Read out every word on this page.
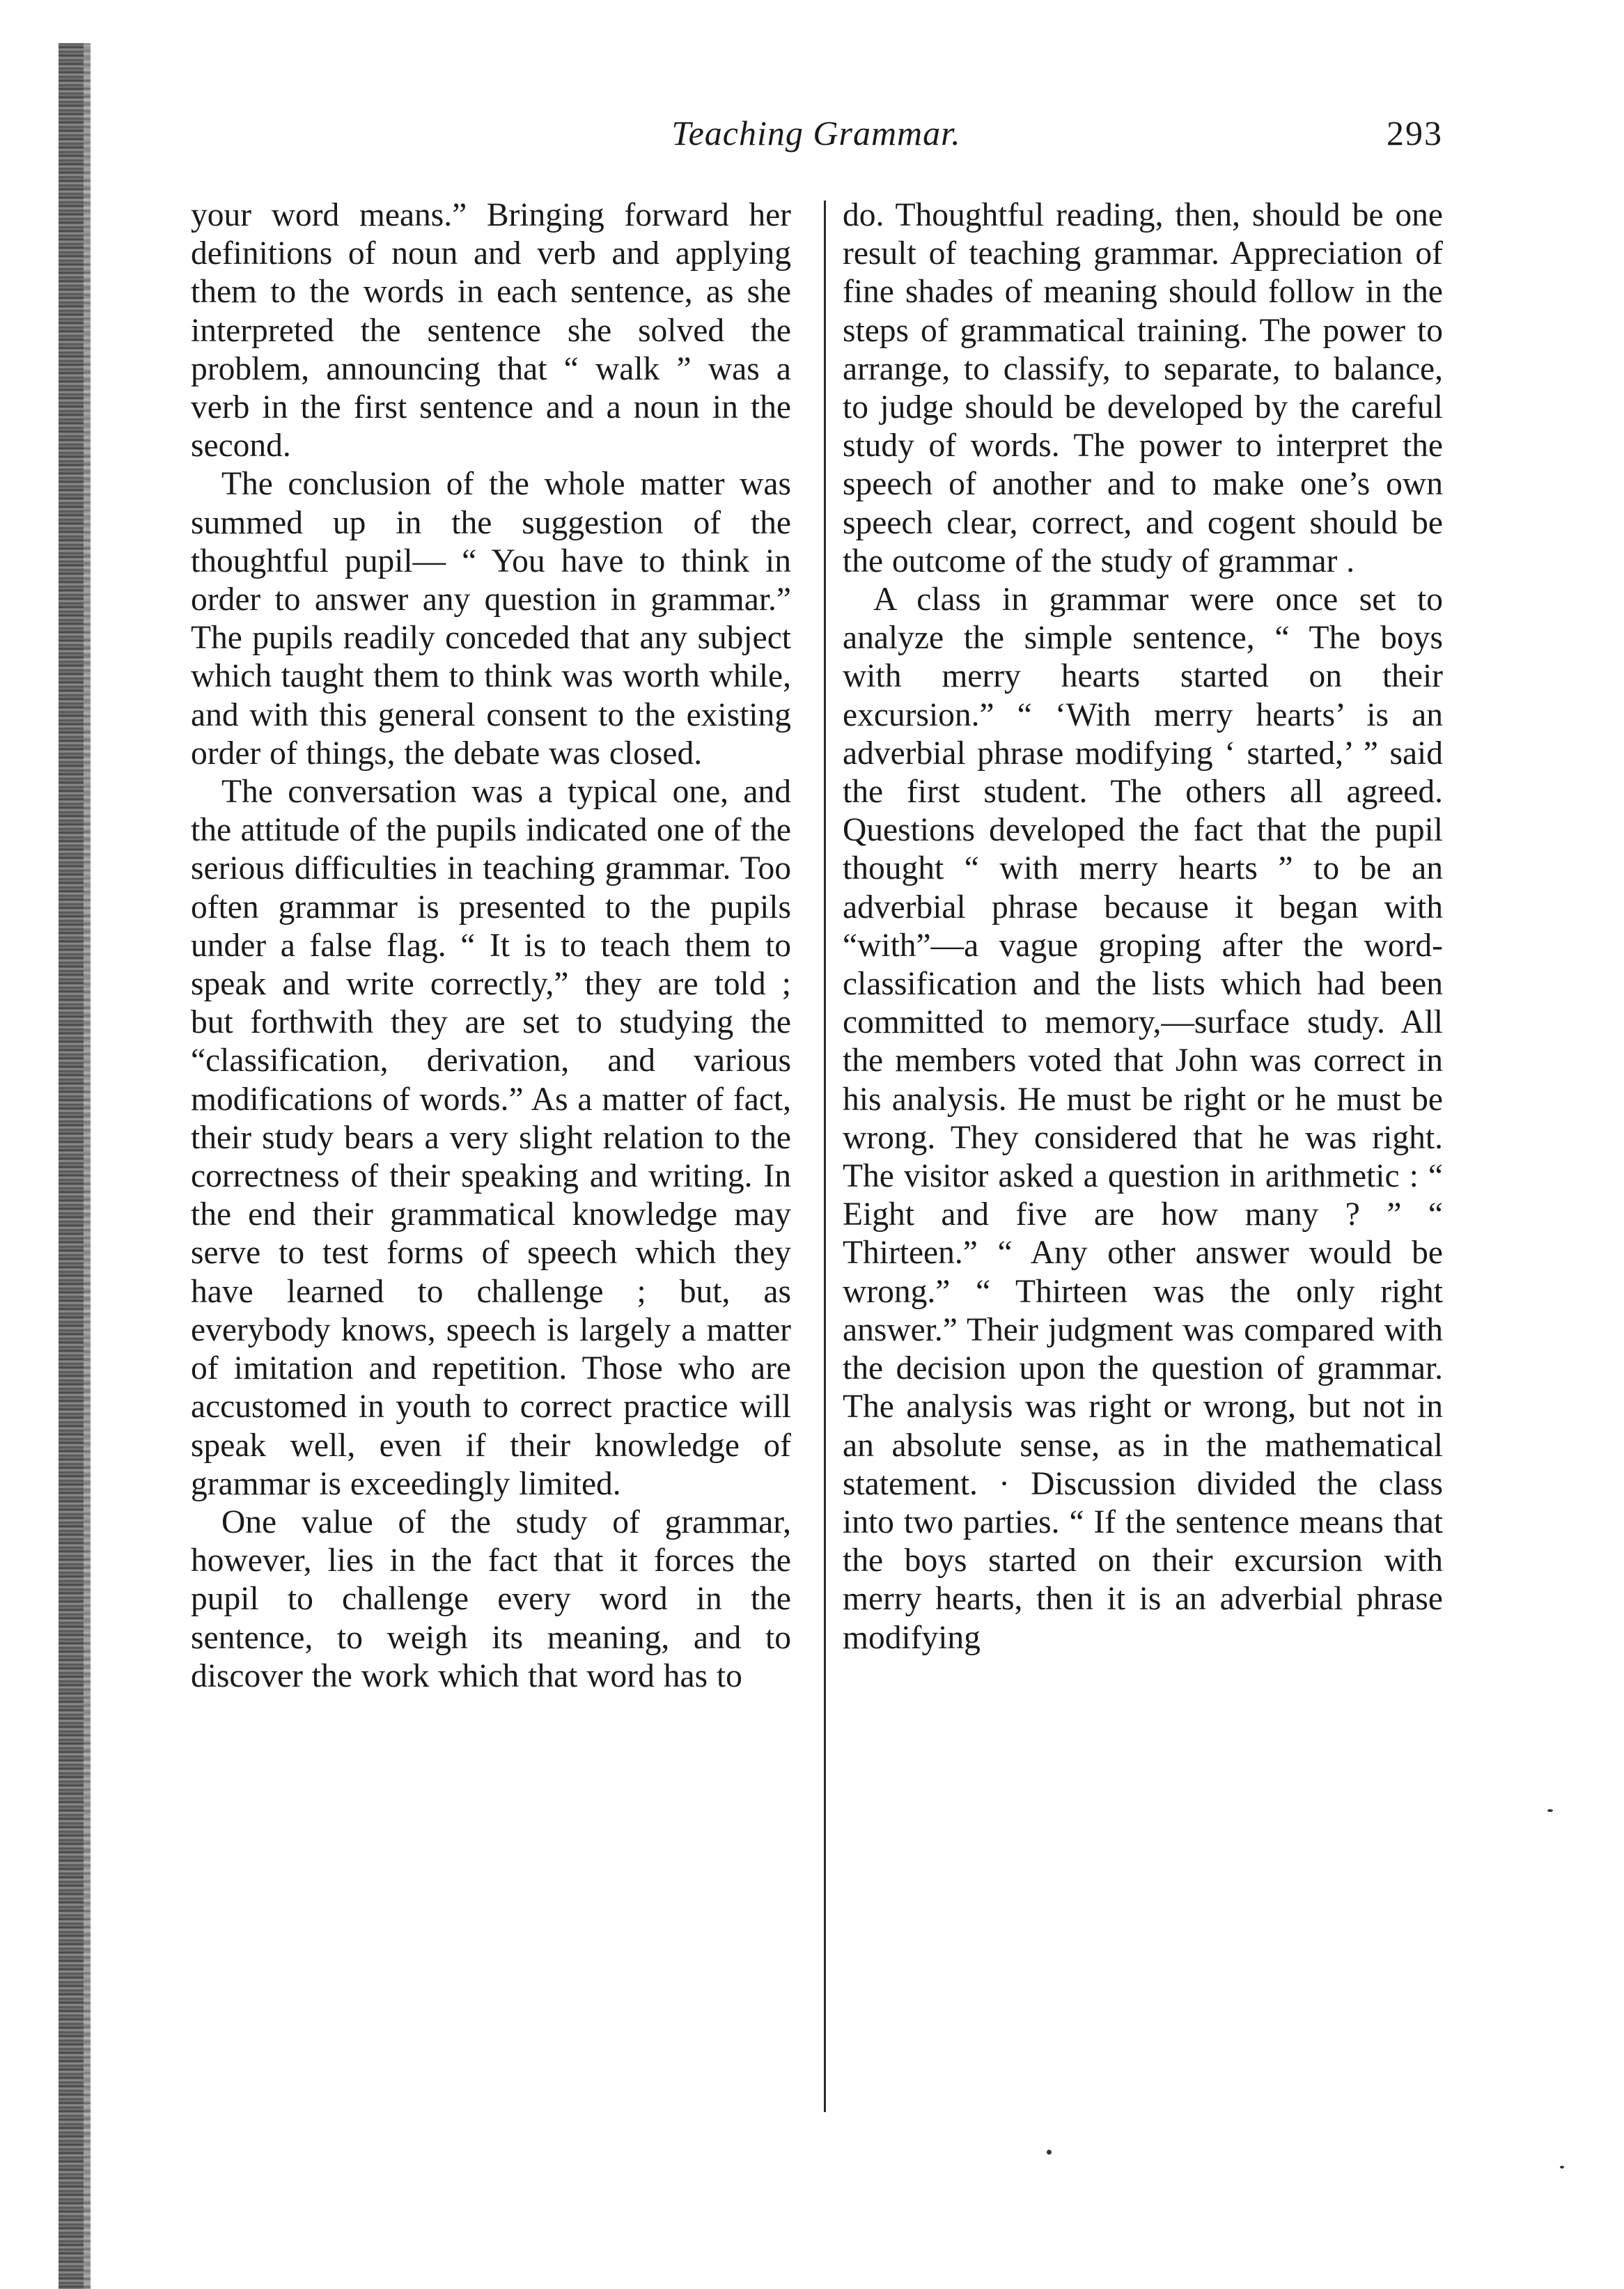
Teaching Grammar.	293

your word means.” Bringing forward her definitions of noun and verb and applying them to the words in each sentence, as she interpreted the sentence she solved the problem, announcing that “ walk ” was a verb in the first sentence and a noun in the second.

The conclusion of the whole matter was summed up in the suggestion of the thoughtful pupil— “ You have to think in order to answer any question in grammar.” The pupils readily conceded that any subject which taught them to think was worth while, and with this general consent to the existing order of things, the debate was closed.

The conversation was a typical one, and the attitude of the pupils indicated one of the serious difficulties in teaching grammar. Too often grammar is presented to the pupils under a false flag. “ It is to teach them to speak and write correctly,” they are told ; but forthwith they are set to studying the “classification, derivation, and various modifications of words.” As a matter of fact, their study bears a very slight relation to the correctness of their speaking and writing. In the end their grammatical knowledge may serve to test forms of speech which they have learned to challenge ; but, as everybody knows, speech is largely a matter of imitation and repetition. Those who are accustomed in youth to correct practice will speak well, even if their knowledge of grammar is exceedingly limited.

One value of the study of grammar, however, lies in the fact that it forces the pupil to challenge every word in the sentence, to weigh its meaning, and to discover the work which that word has to

do. Thoughtful reading, then, should be one result of teaching grammar. Appreciation of fine shades of meaning should follow in the steps of grammatical training. The power to arrange, to classify, to separate, to balance, to judge should be developed by the careful study of words. The power to interpret the speech of another and to make one’s own speech clear, correct, and cogent should be the outcome of the study of grammar .

A class in grammar were once set to analyze the simple sentence, “ The boys with merry hearts started on their excursion.” “ ‘With merry hearts’ is an adverbial phrase modifying ‘ started,’ ” said the first student. The others all agreed. Questions developed the fact that the pupil thought “ with merry hearts ” to be an adverbial phrase because it began with “with”—a vague groping after the word-classification and the lists which had been committed to memory,—surface study. All the members voted that John was correct in his analysis. He must be right or he must be wrong. They considered that he was right. The visitor asked a question in arithmetic : “ Eight and five are how many ? ” “ Thirteen.” “ Any other answer would be wrong.” “ Thirteen was the only right answer.” Their judgment was compared with the decision upon the question of grammar. The analysis was right or wrong, but not in an absolute sense, as in the mathematical statement. · Discussion divided the class into two parties. “ If the sentence means that the boys started on their excursion with merry hearts, then it is an adverbial phrase modifying
